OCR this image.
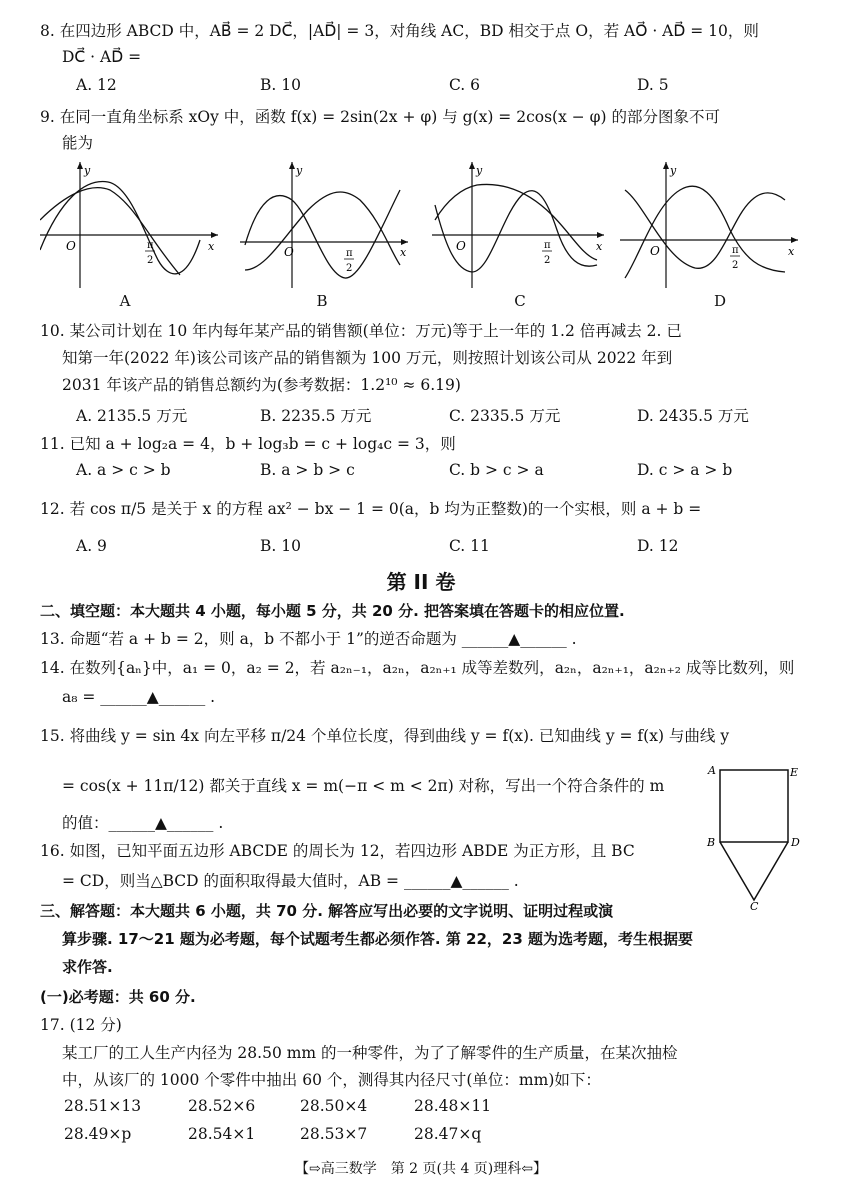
8. 在四边形 ABCD 中，AB⃗ = 2 DC⃗，|AD⃗| = 3，对角线 AC，BD 相交于点 O，若 AO⃗ · AD⃗ = 10，则
DC⃗ · AD⃗ =
A. 12	B. 10	C. 6	D. 5
9. 在同一直角坐标系 xOy 中，函数 f(x) = 2sin(2x + φ) 与 g(x) = 2cos(x − φ) 的部分图象不可
能为
y
O	x
π
2
y
O	x
π
2
y
O	x
π
2
y
O	x
π
2
A	B	C	D
10. 某公司计划在 10 年内每年某产品的销售额(单位：万元)等于上一年的 1.2 倍再减去 2. 已
知第一年(2022 年)该公司该产品的销售额为 100 万元，则按照计划该公司从 2022 年到
2031 年该产品的销售总额约为(参考数据：1.2¹⁰ ≈ 6.19)
A. 2135.5 万元	B. 2235.5 万元	C. 2335.5 万元	D. 2435.5 万元
11. 已知 a + log₂a = 4，b + log₃b = c + log₄c = 3，则
A. a > c > b	B. a > b > c	C. b > c > a	D. c > a > b
12. 若 cos π/5 是关于 x 的方程 ax² − bx − 1 = 0(a，b 均为正整数)的一个实根，则 a + b =
A. 9	B. 10	C. 11	D. 12
第 II 卷
二、填空题：本大题共 4 小题，每小题 5 分，共 20 分. 把答案填在答题卡的相应位置.
13. 命题“若 a + b = 2，则 a，b 不都小于 1”的逆否命题为 ______▲______ .
14. 在数列{aₙ}中，a₁ = 0，a₂ = 2，若 a₂ₙ₋₁，a₂ₙ，a₂ₙ₊₁ 成等差数列，a₂ₙ，a₂ₙ₊₁，a₂ₙ₊₂ 成等比数列，则
a₈ = ______▲______ .
15. 将曲线 y = sin 4x 向左平移 π/24 个单位长度，得到曲线 y = f(x). 已知曲线 y = f(x) 与曲线 y
= cos(x + 11π/12) 都关于直线 x = m(−π < m < 2π) 对称，写出一个符合条件的 m
的值：______▲______ .
16. 如图，已知平面五边形 ABCDE 的周长为 12，若四边形 ABDE 为正方形，且 BC
= CD，则当△BCD 的面积取得最大值时，AB = ______▲______ .
A	E
B	D
C
三、解答题：本大题共 6 小题，共 70 分. 解答应写出必要的文字说明、证明过程或演
算步骤. 17～21 题为必考题，每个试题考生都必须作答. 第 22，23 题为选考题，考生根据要
求作答.
(一)必考题：共 60 分.
17. (12 分)
某工厂的工人生产内径为 28.50 mm 的一种零件，为了了解零件的生产质量，在某次抽检
中，从该厂的 1000 个零件中抽出 60 个，测得其内径尺寸(单位：mm)如下：
28.51×13	28.52×6	28.50×4	28.48×11
28.49×p	28.54×1	28.53×7	28.47×q
【⇨高三数学　第 2 页(共 4 页)理科⇦】
